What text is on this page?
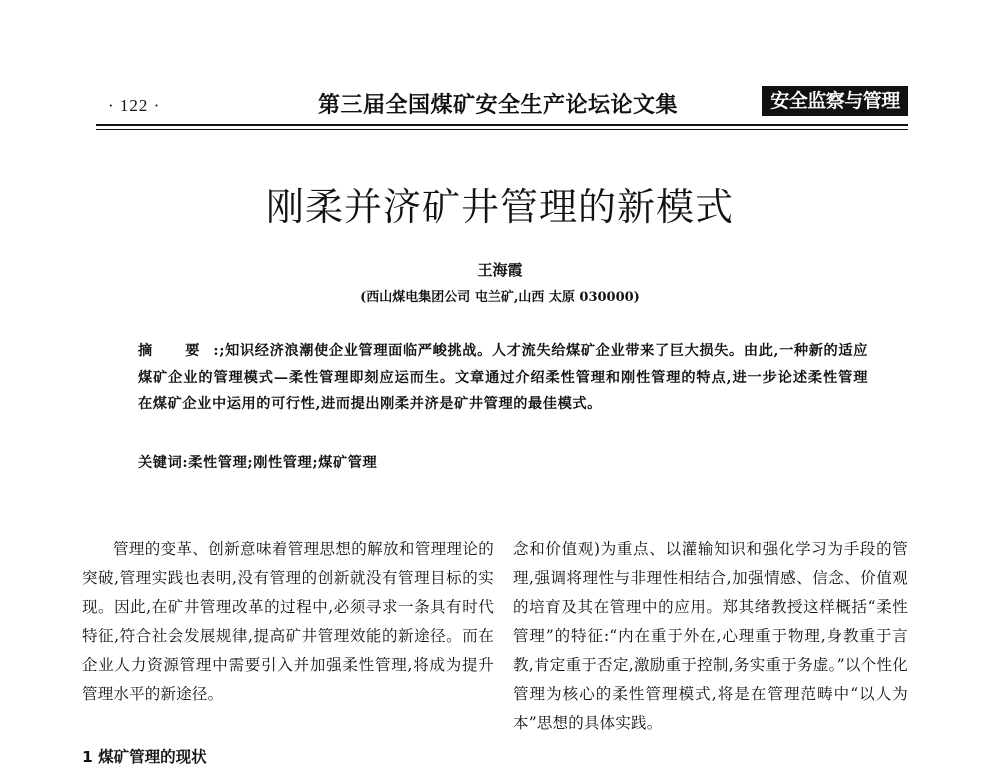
· 122 ·	第三届全国煤矿安全生产论坛论文集	安全监察与管理
刚柔并济矿井管理的新模式
王海霞
(西山煤电集团公司 屯兰矿,山西 太原 030000)
摘 要:;知识经济浪潮使企业管理面临严峻挑战。人才流失给煤矿企业带来了巨大损失。由此,一种新的适应煤矿企业的管理模式—柔性管理即刻应运而生。文章通过介绍柔性管理和刚性管理的特点,进一步论述柔性管理在煤矿企业中运用的可行性,进而提出刚柔并济是矿井管理的最佳模式。
关键词:柔性管理;刚性管理;煤矿管理

管理的变革、创新意味着管理思想的解放和管理理论的突破,管理实践也表明,没有管理的创新就没有管理目标的实现。因此,在矿井管理改革的过程中,必须寻求一条具有时代特征,符合社会发展规律,提高矿井管理效能的新途径。而在企业人力资源管理中需要引入并加强柔性管理,将成为提升管理水平的新途径。

1 煤矿管理的现状

念和价值观)为重点、以灌输知识和强化学习为手段的管理,强调将理性与非理性相结合,加强情感、信念、价值观的培育及其在管理中的应用。郑其绪教授这样概括“柔性管理”的特征:“内在重于外在,心理重于物理,身教重于言教,肯定重于否定,激励重于控制,务实重于务虚。”以个性化管理为核心的柔性管理模式,将是在管理范畴中“以人为本”思想的具体实践。
